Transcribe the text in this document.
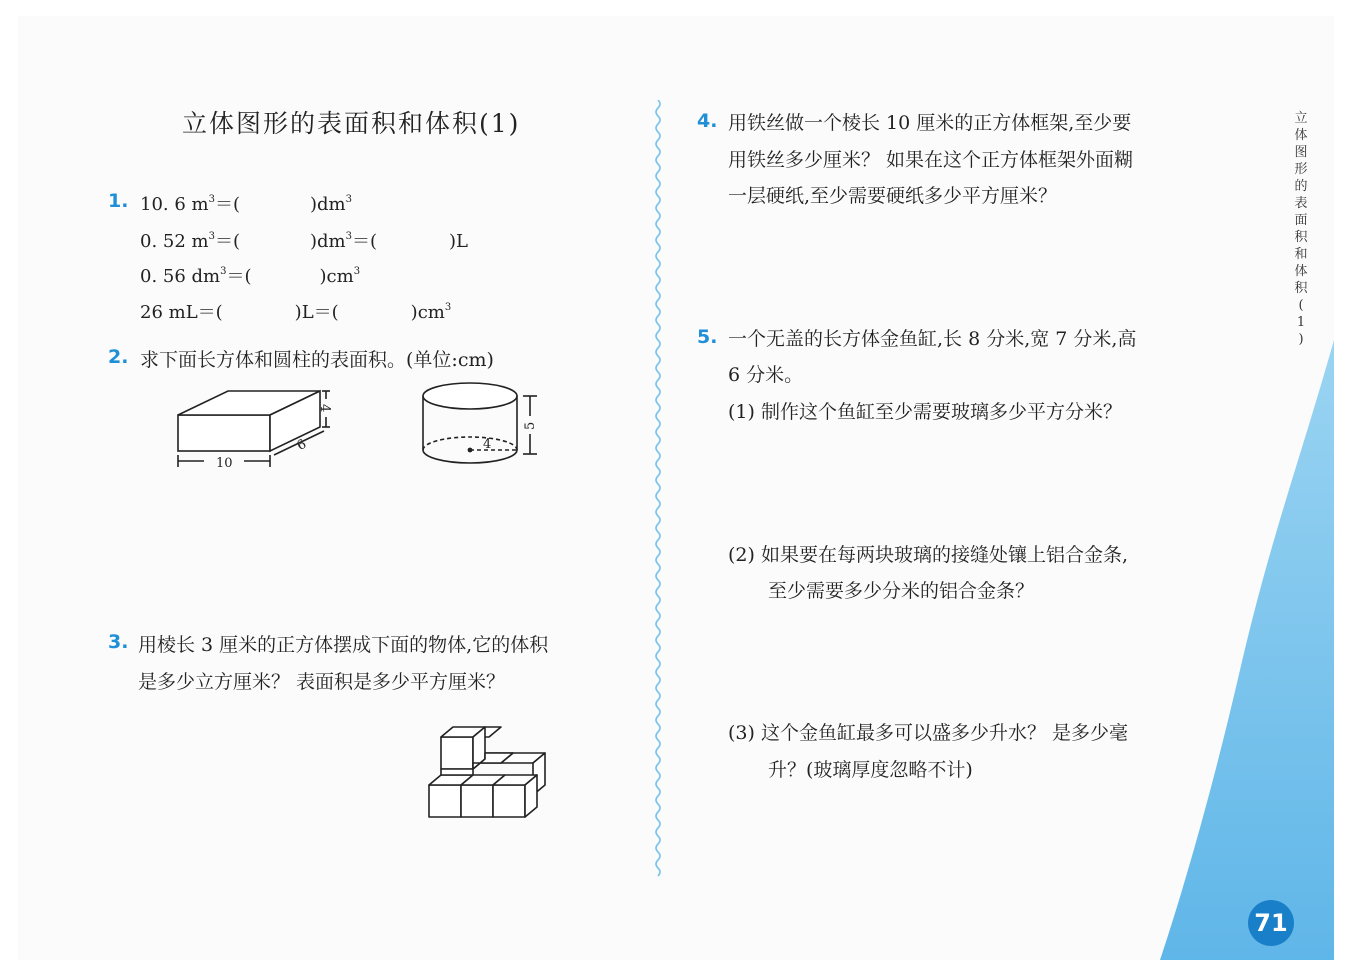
立体图形的表面积和体积(1)	立
体
图
形
的
表
面
积
和
体
积
(
1
)
1. 10. 6 $m^3=$(	)$dm^3$
0. 52 $m^3=$(	)$dm^3=$(	)L
0. 56 $dm^3=$(	)$cm^3$
26 mL＝(	)L＝(	)$cm^3$
2. 求下面长方体和圆柱的表面积。(单位:cm)
10
6
4
4
5
3. 用棱长 3 厘米的正方体摆成下面的物体,它的体积
是多少立方厘米？ 表面积是多少平方厘米？
4. 用铁丝做一个棱长 10 厘米的正方体框架,至少要
用铁丝多少厘米？ 如果在这个正方体框架外面糊
一层硬纸,至少需要硬纸多少平方厘米？
5. 一个无盖的长方体金鱼缸,长 8 分米,宽 7 分米,高
6 分米。
(1) 制作这个鱼缸至少需要玻璃多少平方分米？
(2) 如果要在每两块玻璃的接缝处镶上铝合金条,
至少需要多少分米的铝合金条？
(3) 这个金鱼缸最多可以盛多少升水？ 是多少毫
升？(玻璃厚度忽略不计)
71
